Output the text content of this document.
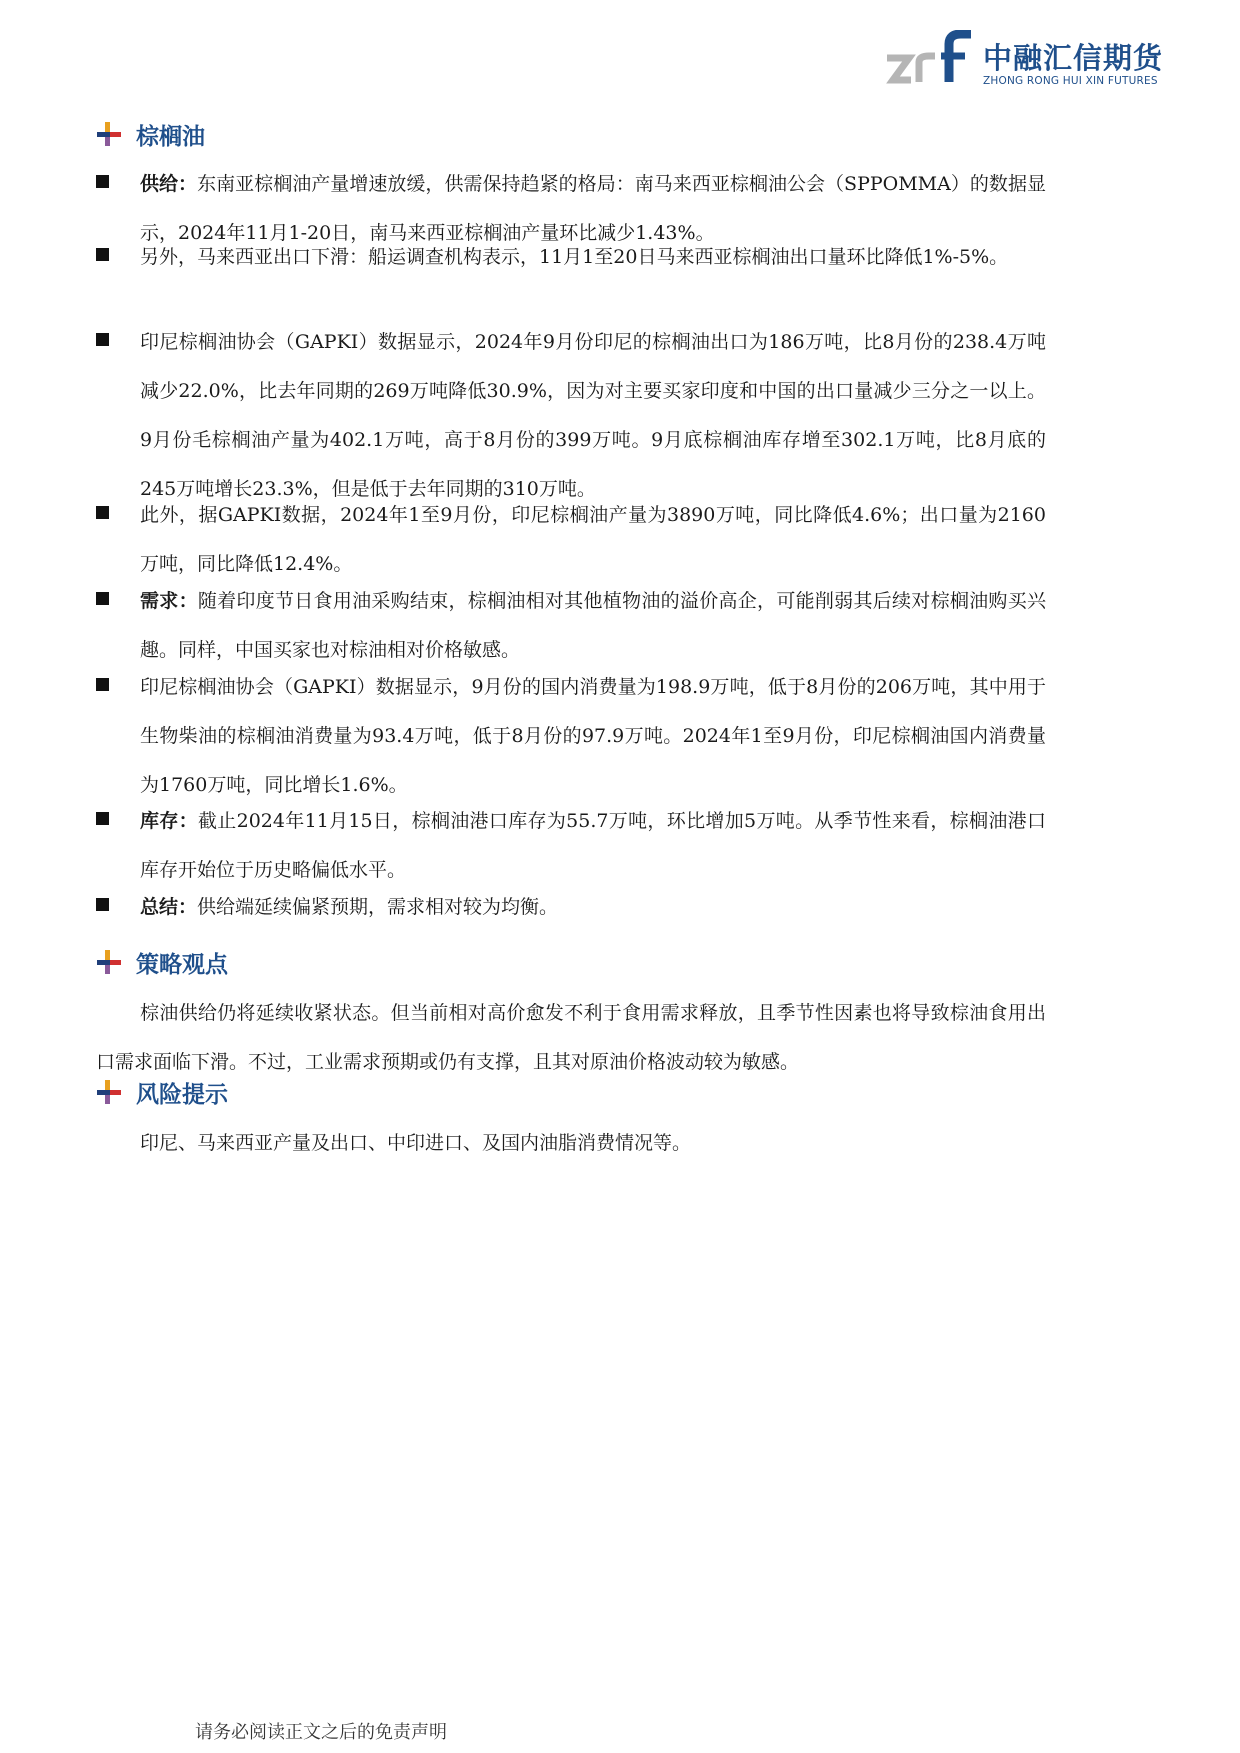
中融汇信期货
ZHONG RONG HUI XIN FUTURES
棕榈油
供给：东南亚棕榈油产量增速放缓，供需保持趋紧的格局：南马来西亚棕榈油公会（SPPOMMA）的数据显示，2024年11月1-20日，南马来西亚棕榈油产量环比减少1.43%。
另外，马来西亚出口下滑：船运调查机构表示，11月1至20日马来西亚棕榈油出口量环比降低1%-5%。
印尼棕榈油协会（GAPKI）数据显示，2024年9月份印尼的棕榈油出口为186万吨，比8月份的238.4万吨减少22.0%，比去年同期的269万吨降低30.9%，因为对主要买家印度和中国的出口量减少三分之一以上。9月份毛棕榈油产量为402.1万吨，高于8月份的399万吨。9月底棕榈油库存增至302.1万吨，比8月底的245万吨增长23.3%，但是低于去年同期的310万吨。
此外，据GAPKI数据，2024年1至9月份，印尼棕榈油产量为3890万吨，同比降低4.6%；出口量为2160万吨，同比降低12.4%。
需求：随着印度节日食用油采购结束，棕榈油相对其他植物油的溢价高企，可能削弱其后续对棕榈油购买兴趣。同样，中国买家也对棕油相对价格敏感。
印尼棕榈油协会（GAPKI）数据显示，9月份的国内消费量为198.9万吨，低于8月份的206万吨，其中用于生物柴油的棕榈油消费量为93.4万吨，低于8月份的97.9万吨。2024年1至9月份，印尼棕榈油国内消费量为1760万吨，同比增长1.6%。
库存：截止2024年11月15日，棕榈油港口库存为55.7万吨，环比增加5万吨。从季节性来看，棕榈油港口库存开始位于历史略偏低水平。
总结：供给端延续偏紧预期，需求相对较为均衡。
策略观点
棕油供给仍将延续收紧状态。但当前相对高价愈发不利于食用需求释放，且季节性因素也将导致棕油食用出口需求面临下滑。不过，工业需求预期或仍有支撑，且其对原油价格波动较为敏感。
风险提示
印尼、马来西亚产量及出口、中印进口、及国内油脂消费情况等。
请务必阅读正文之后的免责声明
